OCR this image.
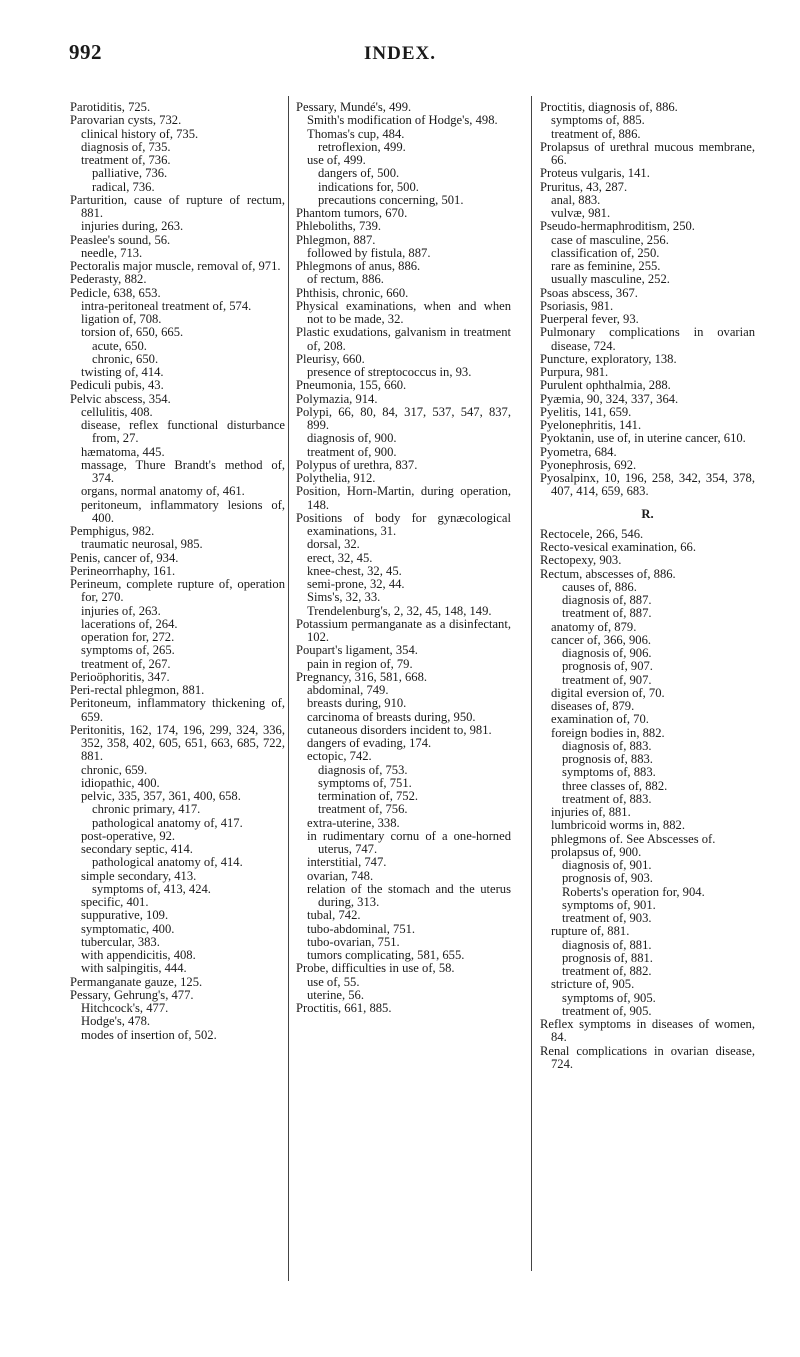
992	INDEX.

Parotiditis, 725.

Parovarian cysts, 732.

clinical history of, 735.

diagnosis of, 735.

treatment of, 736.

palliative, 736.

radical, 736.

Parturition, cause of rupture of rectum, 881.

injuries during, 263.

Peaslee's sound, 56.

needle, 713.

Pectoralis major muscle, removal of, 971.

Pederasty, 882.

Pedicle, 638, 653.

intra-peritoneal treatment of, 574.

ligation of, 708.

torsion of, 650, 665.

acute, 650.

chronic, 650.

twisting of, 414.

Pediculi pubis, 43.

Pelvic abscess, 354.

cellulitis, 408.

disease, reflex functional disturbance from, 27.

hæmatoma, 445.

massage, Thure Brandt's method of, 374.

organs, normal anatomy of, 461.

peritoneum, inflammatory lesions of, 400.

Pemphigus, 982.

traumatic neurosal, 985.

Penis, cancer of, 934.

Perineorrhaphy, 161.

Perineum, complete rupture of, operation for, 270.

injuries of, 263.

lacerations of, 264.

operation for, 272.

symptoms of, 265.

treatment of, 267.

Perioöphoritis, 347.

Peri-rectal phlegmon, 881.

Peritoneum, inflammatory thickening of, 659.

Peritonitis, 162, 174, 196, 299, 324, 336, 352, 358, 402, 605, 651, 663, 685, 722, 881.

chronic, 659.

idiopathic, 400.

pelvic, 335, 357, 361, 400, 658.

chronic primary, 417.

pathological anatomy of, 417.

post-operative, 92.

secondary septic, 414.

pathological anatomy of, 414.

simple secondary, 413.

symptoms of, 413, 424.

specific, 401.

suppurative, 109.

symptomatic, 400.

tubercular, 383.

with appendicitis, 408.

with salpingitis, 444.

Permanganate gauze, 125.

Pessary, Gehrung's, 477.

Hitchcock's, 477.

Hodge's, 478.

modes of insertion of, 502.

Pessary, Mundé's, 499.

Smith's modification of Hodge's, 498.

Thomas's cup, 484.

retroflexion, 499.

use of, 499.

dangers of, 500.

indications for, 500.

precautions concerning, 501.

Phantom tumors, 670.

Phleboliths, 739.

Phlegmon, 887.

followed by fistula, 887.

Phlegmons of anus, 886.

of rectum, 886.

Phthisis, chronic, 660.

Physical examinations, when and when not to be made, 32.

Plastic exudations, galvanism in treatment of, 208.

Pleurisy, 660.

presence of streptococcus in, 93.

Pneumonia, 155, 660.

Polymazia, 914.

Polypi, 66, 80, 84, 317, 537, 547, 837, 899.

diagnosis of, 900.

treatment of, 900.

Polypus of urethra, 837.

Polythelia, 912.

Position, Horn-Martin, during operation, 148.

Positions of body for gynæcological examinations, 31.

dorsal, 32.

erect, 32, 45.

knee-chest, 32, 45.

semi-prone, 32, 44.

Sims's, 32, 33.

Trendelenburg's, 2, 32, 45, 148, 149.

Potassium permanganate as a disinfectant, 102.

Poupart's ligament, 354.

pain in region of, 79.

Pregnancy, 316, 581, 668.

abdominal, 749.

breasts during, 910.

carcinoma of breasts during, 950.

cutaneous disorders incident to, 981.

dangers of evading, 174.

ectopic, 742.

diagnosis of, 753.

symptoms of, 751.

termination of, 752.

treatment of, 756.

extra-uterine, 338.

in rudimentary cornu of a one-horned uterus, 747.

interstitial, 747.

ovarian, 748.

relation of the stomach and the uterus during, 313.

tubal, 742.

tubo-abdominal, 751.

tubo-ovarian, 751.

tumors complicating, 581, 655.

Probe, difficulties in use of, 58.

use of, 55.

uterine, 56.

Proctitis, 661, 885.

Proctitis, diagnosis of, 886.

symptoms of, 885.

treatment of, 886.

Prolapsus of urethral mucous membrane, 66.

Proteus vulgaris, 141.

Pruritus, 43, 287.

anal, 883.

vulvæ, 981.

Pseudo-hermaphroditism, 250.

case of masculine, 256.

classification of, 250.

rare as feminine, 255.

usually masculine, 252.

Psoas abscess, 367.

Psoriasis, 981.

Puerperal fever, 93.

Pulmonary complications in ovarian disease, 724.

Puncture, exploratory, 138.

Purpura, 981.

Purulent ophthalmia, 288.

Pyæmia, 90, 324, 337, 364.

Pyelitis, 141, 659.

Pyelonephritis, 141.

Pyoktanin, use of, in uterine cancer, 610.

Pyometra, 684.

Pyonephrosis, 692.

Pyosalpinx, 10, 196, 258, 342, 354, 378, 407, 414, 659, 683.

R.

Rectocele, 266, 546.

Recto-vesical examination, 66.

Rectopexy, 903.

Rectum, abscesses of, 886.

causes of, 886.

diagnosis of, 887.

treatment of, 887.

anatomy of, 879.

cancer of, 366, 906.

diagnosis of, 906.

prognosis of, 907.

treatment of, 907.

digital eversion of, 70.

diseases of, 879.

examination of, 70.

foreign bodies in, 882.

diagnosis of, 883.

prognosis of, 883.

symptoms of, 883.

three classes of, 882.

treatment of, 883.

injuries of, 881.

lumbricoid worms in, 882.

phlegmons of. See Abscesses of.

prolapsus of, 900.

diagnosis of, 901.

prognosis of, 903.

Roberts's operation for, 904.

symptoms of, 901.

treatment of, 903.

rupture of, 881.

diagnosis of, 881.

prognosis of, 881.

treatment of, 882.

stricture of, 905.

symptoms of, 905.

treatment of, 905.

Reflex symptoms in diseases of women, 84.

Renal complications in ovarian disease, 724.
